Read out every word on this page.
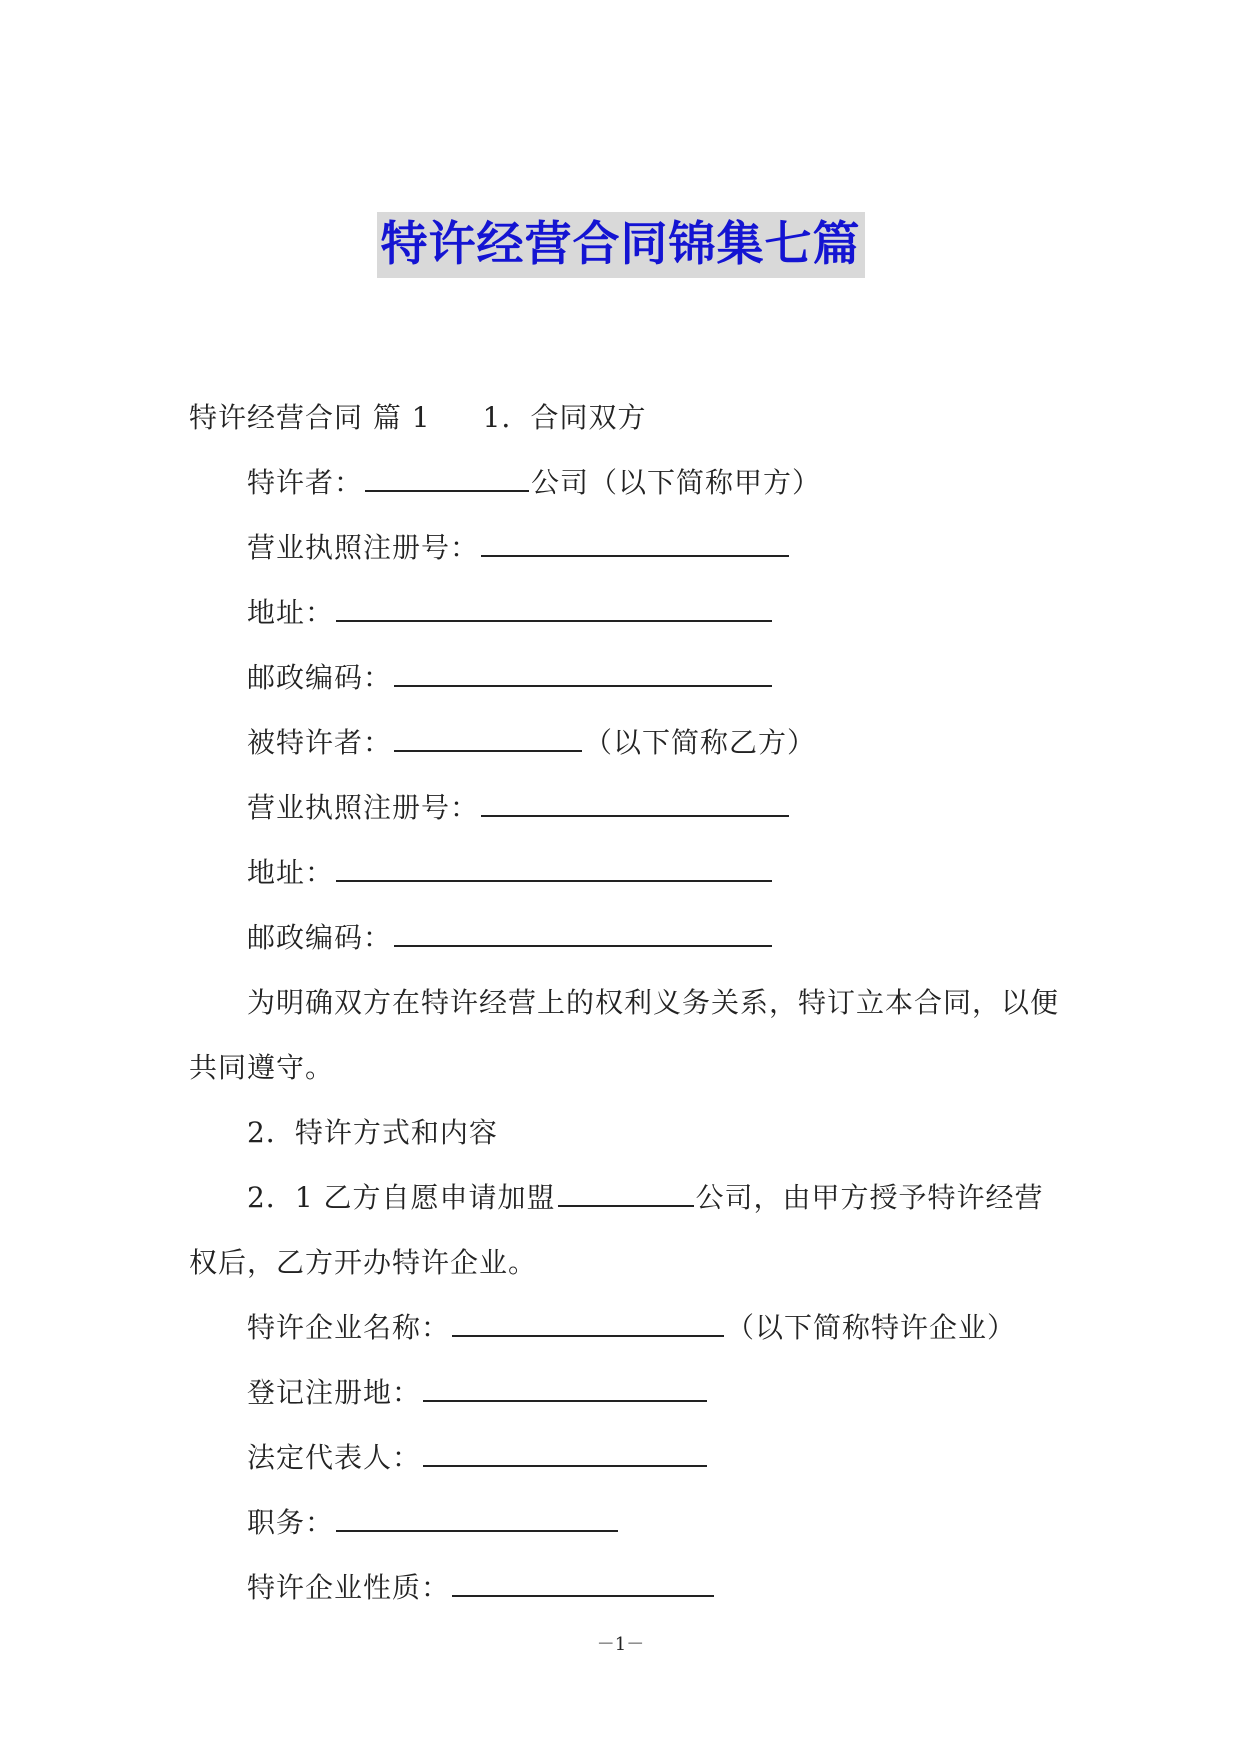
特许经营合同锦集七篇
特许经营合同 篇 1 1．合同双方
特许者：	公司（以下简称甲方）
营业执照注册号：
地址：
邮政编码：
被特许者：	（以下简称乙方）
营业执照注册号：
地址：
邮政编码：
为明确双方在特许经营上的权利义务关系，特订立本合同，以便
共同遵守。
2．特许方式和内容
2．1 乙方自愿申请加盟	公司，由甲方授予特许经营
权后，乙方开办特许企业。
特许企业名称：	（以下简称特许企业）
登记注册地：
法定代表人：
职务：
特许企业性质：
－1－
